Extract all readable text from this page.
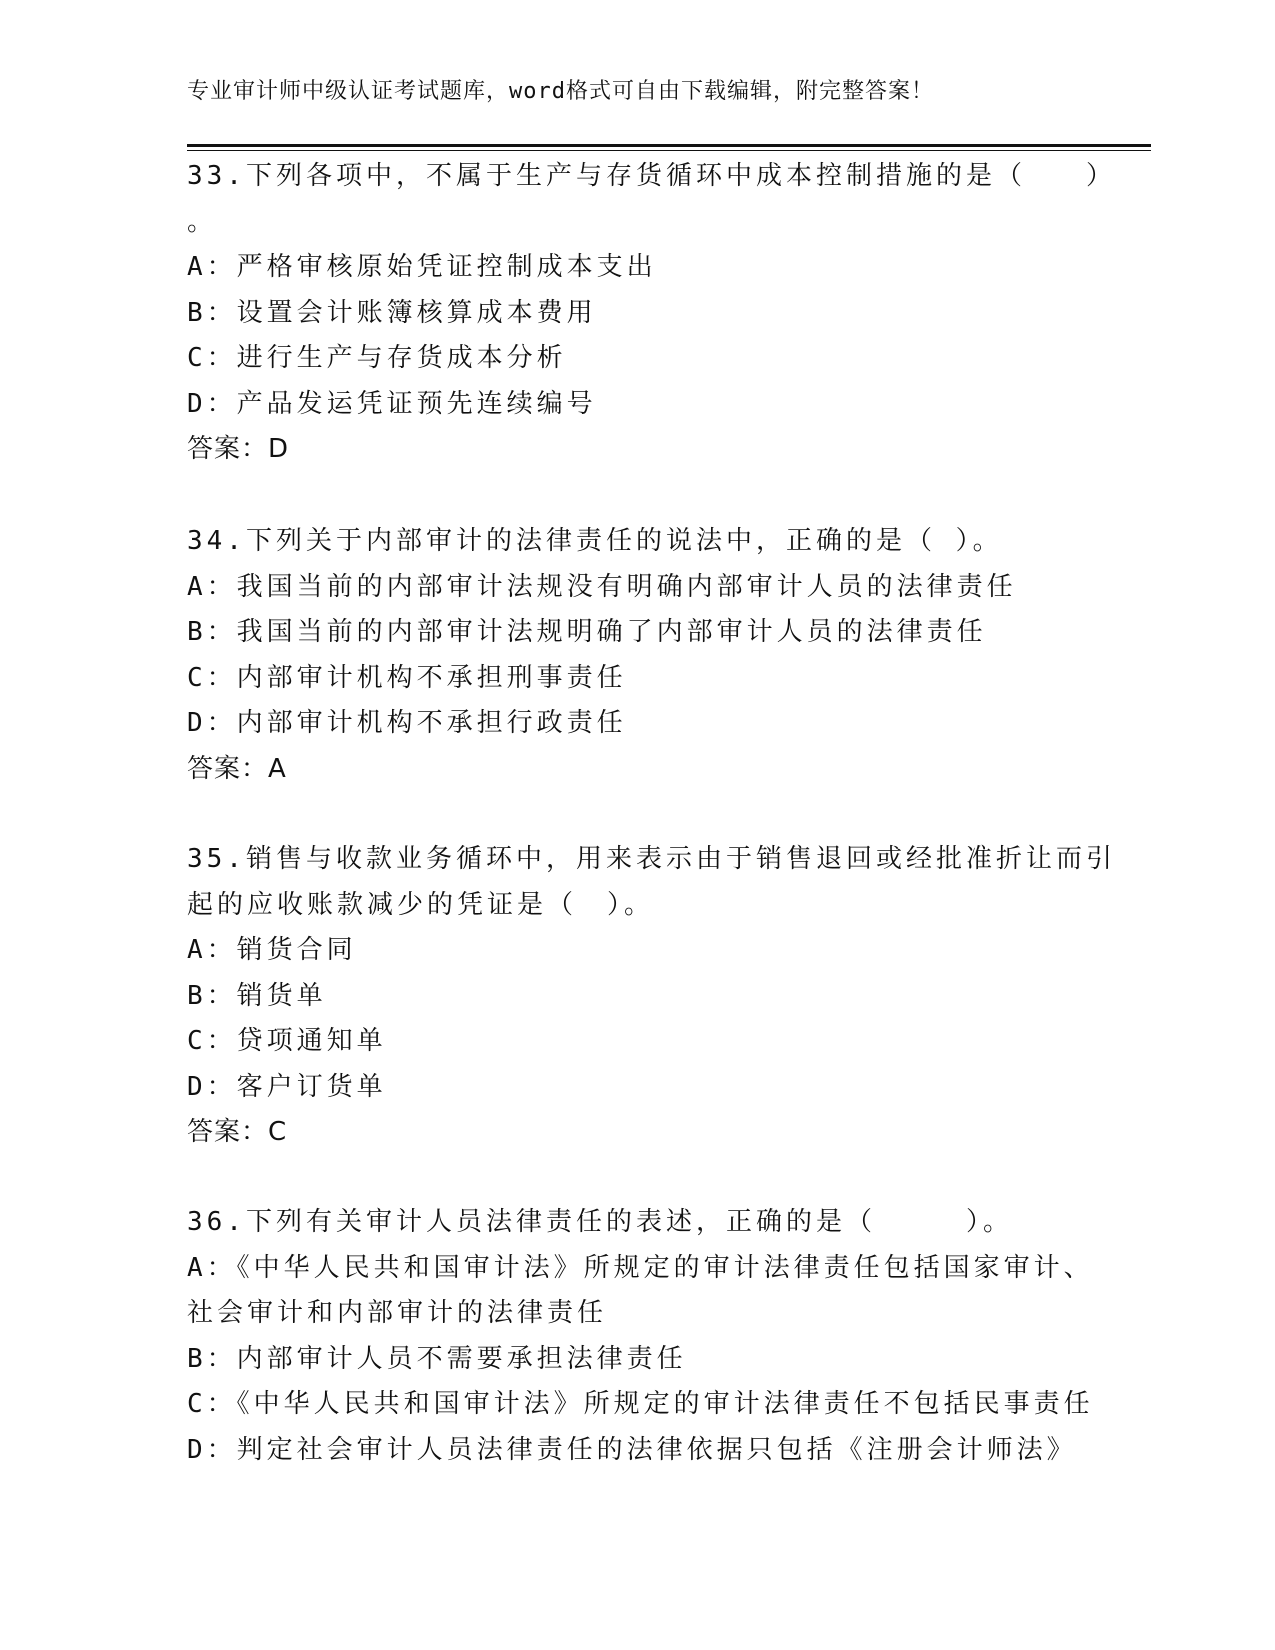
专业审计师中级认证考试题库，word格式可自由下载编辑，附完整答案！
33.下列各项中，不属于生产与存货循环中成本控制措施的是（　　）
。
A：严格审核原始凭证控制成本支出
B：设置会计账簿核算成本费用
C：进行生产与存货成本分析
D：产品发运凭证预先连续编号
答案：D
34.下列关于内部审计的法律责任的说法中，正确的是（ ）。
A：我国当前的内部审计法规没有明确内部审计人员的法律责任
B：我国当前的内部审计法规明确了内部审计人员的法律责任
C：内部审计机构不承担刑事责任
D：内部审计机构不承担行政责任
答案：A
35.销售与收款业务循环中，用来表示由于销售退回或经批准折让而引
起的应收账款减少的凭证是（　）。
A：销货合同
B：销货单
C：贷项通知单
D：客户订货单
答案：C
36.下列有关审计人员法律责任的表述，正确的是（　　　）。
A：《中华人民共和国审计法》所规定的审计法律责任包括国家审计、
社会审计和内部审计的法律责任
B：内部审计人员不需要承担法律责任
C：《中华人民共和国审计法》所规定的审计法律责任不包括民事责任
D：判定社会审计人员法律责任的法律依据只包括《注册会计师法》
